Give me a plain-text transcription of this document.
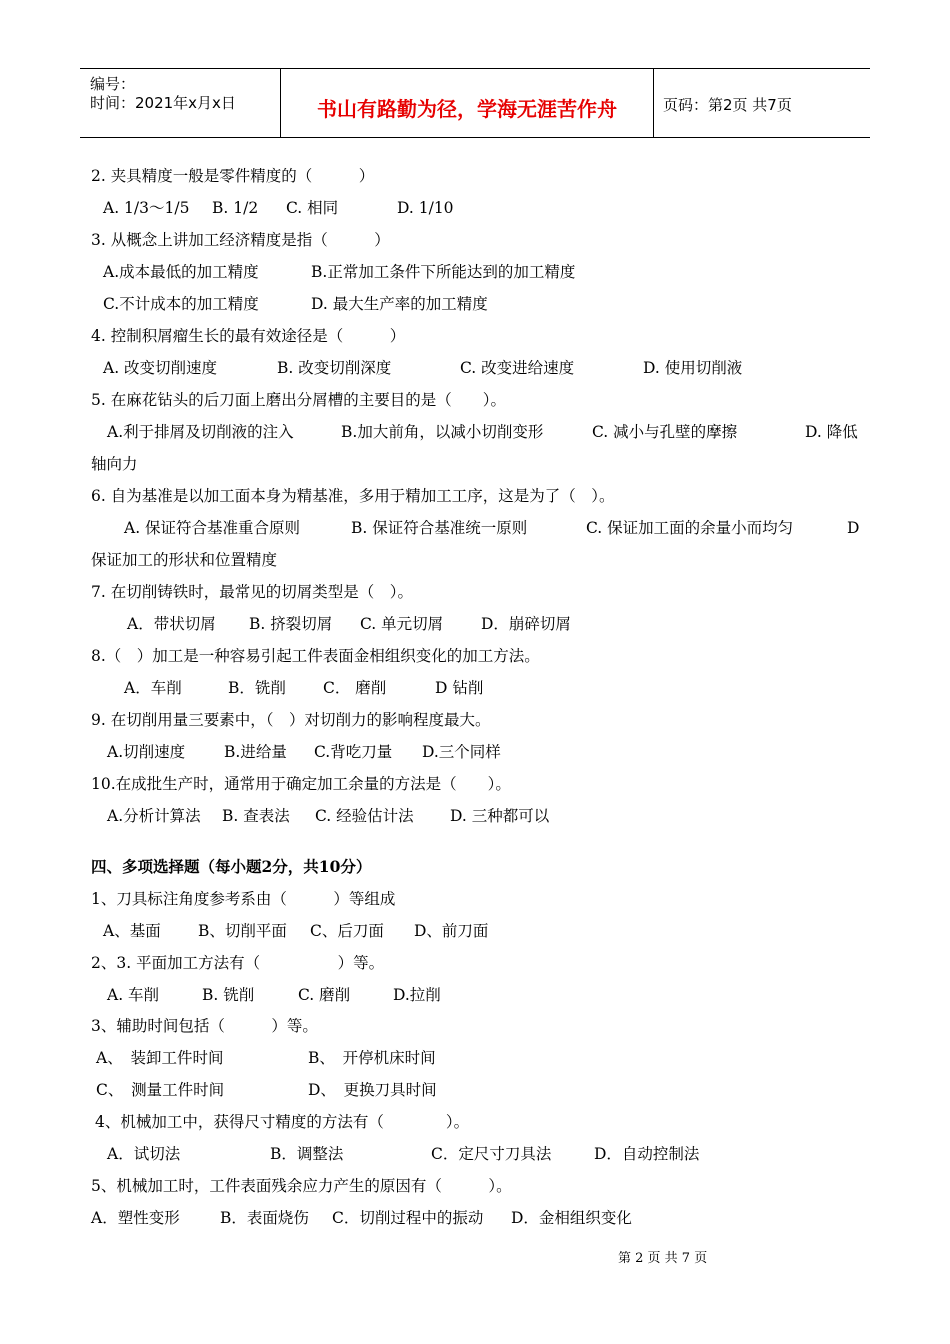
编号：
时间：2021年x月x日	书山有路勤为径，学海无涯苦作舟	页码：第2页 共7页
2. 夹具精度一般是零件精度的（　　　）
A. 1/3～1/5 B. 1/2 C. 相同	D. 1/10
3. 从概念上讲加工经济精度是指（　　　）
A.成本最低的加工精度	B.正常加工条件下所能达到的加工精度
C.不计成本的加工精度	D. 最大生产率的加工精度
4. 控制积屑瘤生长的最有效途径是（　　　）
A. 改变切削速度	B. 改变切削深度	C. 改变进给速度	D. 使用切削液
5. 在麻花钻头的后刀面上磨出分屑槽的主要目的是（　　）。
A.利于排屑及切削液的注入	B.加大前角，以减小切削变形	C. 减小与孔壁的摩擦	D. 降低
轴向力
6. 自为基准是以加工面本身为精基准，多用于精加工工序，这是为了（　）。
A. 保证符合基准重合原则	B. 保证符合基准统一原则	C. 保证加工面的余量小而均匀	D
保证加工的形状和位置精度
7. 在切削铸铁时，最常见的切屑类型是（　）。
A．带状切屑 B. 挤裂切屑 C. 单元切屑 D．崩碎切屑
8.（　）加工是一种容易引起工件表面金相组织变化的加工方法。
A．车削	B．铣削 C． 磨削	D 钻削
9. 在切削用量三要素中，（　）对切削力的影响程度最大。
A.切削速度	B.进给量 C.背吃刀量 D.三个同样
10.在成批生产时，通常用于确定加工余量的方法是（　　）。
A.分析计算法 B. 查表法 C. 经验估计法 D. 三种都可以
四、多项选择题（每小题2分，共10分）
1、刀具标注角度参考系由（　　　）等组成
A、基面 B、切削平面 C、后刀面 D、前刀面
2、3. 平面加工方法有（　　　　　）等。
A. 车削	B. 铣削	C. 磨削	D.拉削
3、辅助时间包括（　　　）等。
A、　装卸工件时间	B、　开停机床时间
C、　测量工件时间	D、　更换刀具时间
4、机械加工中，获得尺寸精度的方法有（　　　　）。
A．试切法	B．调整法	C．定尺寸刀具法	D．自动控制法
5、机械加工时，工件表面残余应力产生的原因有（　　　）。
A．塑性变形	B．表面烧伤 C．切削过程中的振动 D．金相组织变化
第 2 页 共 7 页
